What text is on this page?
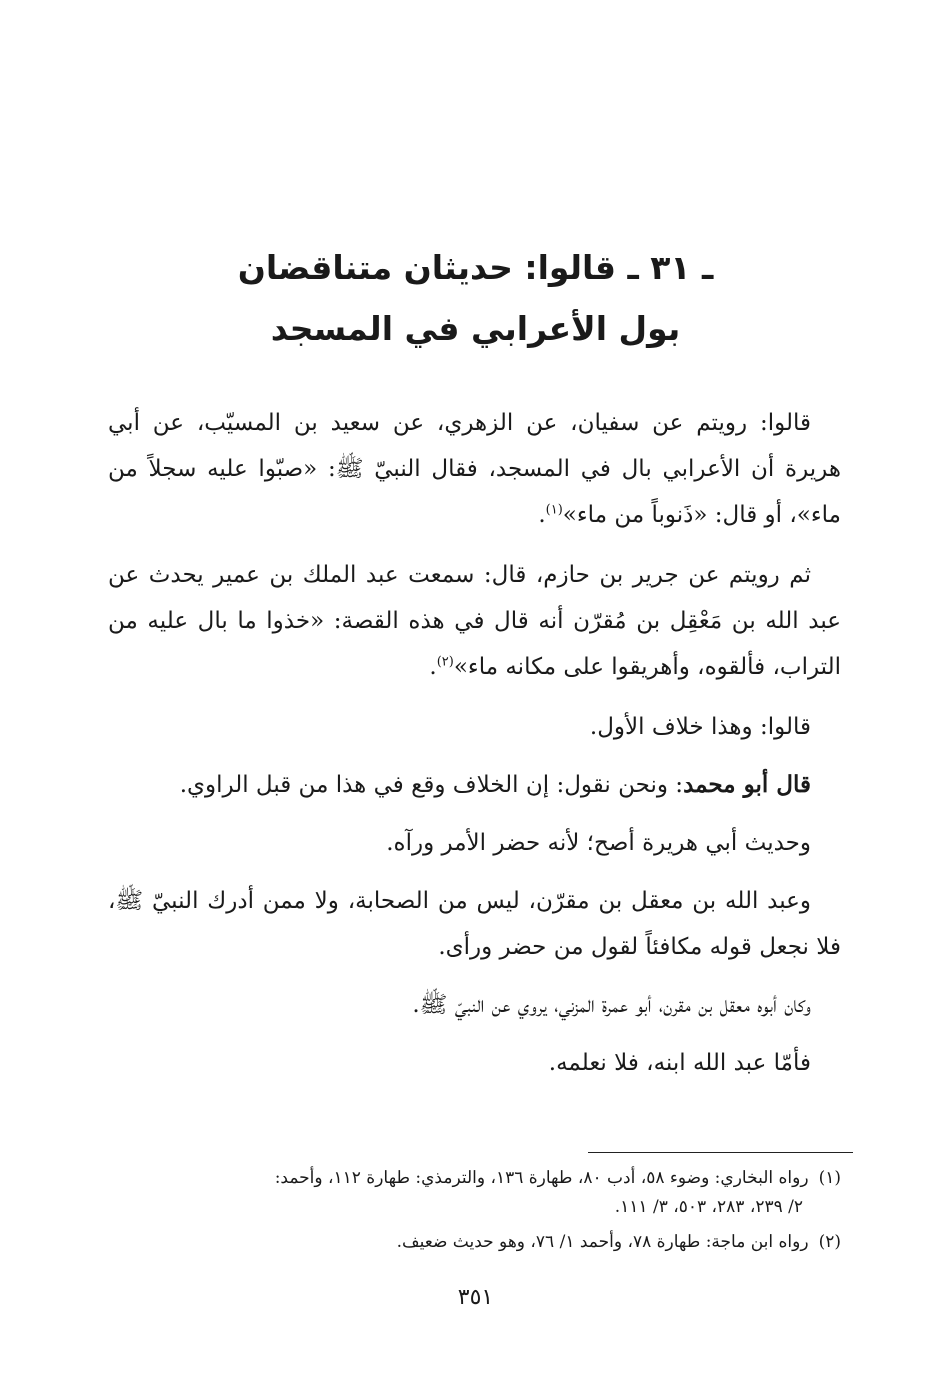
ـ ٣١ ـ قالوا: حديثان متناقضان
بول الأعرابي في المسجد

قالوا: رويتم عن سفيان، عن الزهري، عن سعيد بن المسيّب، عن أبي هريرة أن الأعرابي بال في المسجد، فقال النبيّ ﷺ: «صبّوا عليه سجلاً من ماء»، أو قال: «ذَنوباً من ماء»$^{(١)}$.

ثم رويتم عن جرير بن حازم، قال: سمعت عبد الملك بن عمير يحدث عن عبد الله بن مَعْقِل بن مُقرّن أنه قال في هذه القصة: «خذوا ما بال عليه من التراب، فألقوه، وأهريقوا على مكانه ماء»$^{(٢)}$.

قالوا: وهذا خلاف الأول.

قال أبو محمد: ونحن نقول: إن الخلاف وقع في هذا من قبل الراوي.

وحديث أبي هريرة أصح؛ لأنه حضر الأمر ورآه.

وعبد الله بن معقل بن مقرّن، ليس من الصحابة، ولا ممن أدرك النبيّ ﷺ، فلا نجعل قوله مكافئاً لقول من حضر ورأى.

وكان أبوه معقل بن مقرن، أبو عمرة المزني، يروي عن النبيّ ﷺ.

فأمّا عبد الله ابنه، فلا نعلمه.

(١)رواه البخاري: وضوء ٥٨، أدب ٨٠، طهارة ١٣٦، والترمذي: طهارة ١١٢، وأحمد:
٢/ ٢٣٩، ٢٨٣، ٥٠٣، ٣/ ١١١.
(٢)رواه ابن ماجة: طهارة ٧٨، وأحمد ١/ ٧٦، وهو حديث ضعيف.
٣٥١
